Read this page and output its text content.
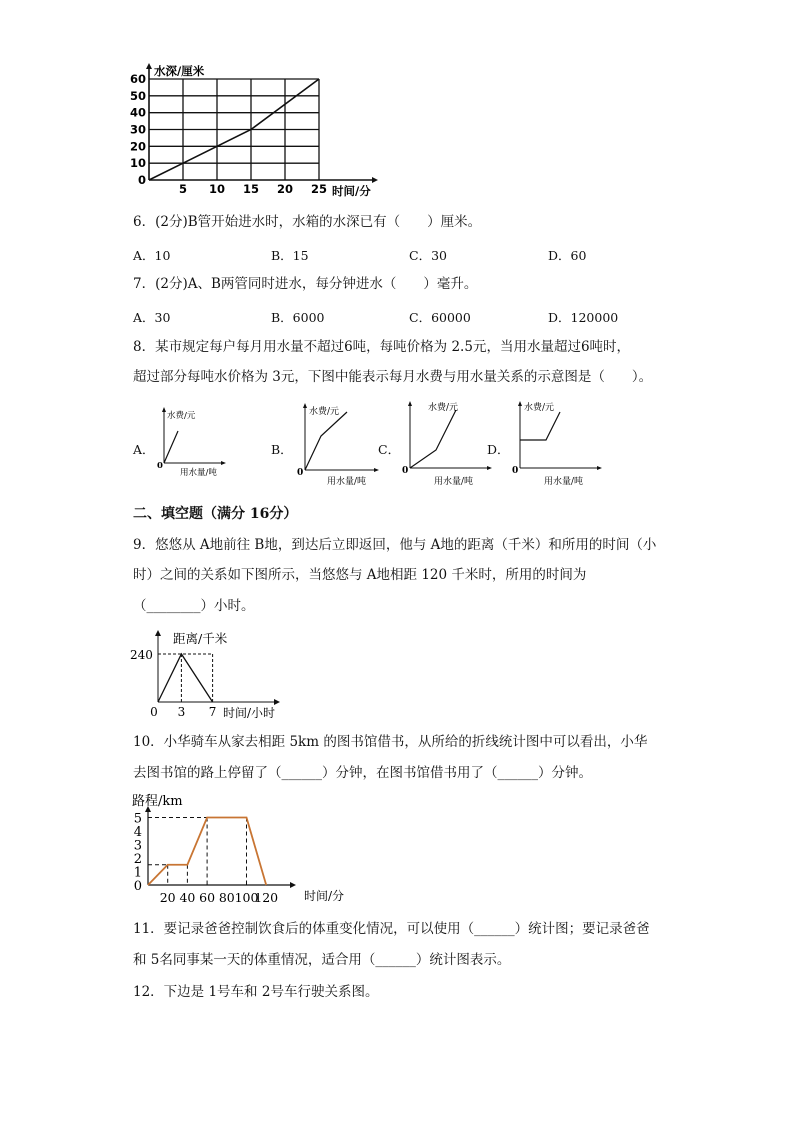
0
10
20
30
40
50
60
5 10 15 20 25
水深/厘米
时间/分
6．(2分)B管开始进水时，水箱的水深已有（　　）厘米。
A．10	B．15	C．30	D．60
7．(2分)A、B两管同时进水，每分钟进水（　　）毫升。
A．30	B．6000	C．60000	D．120000
8．某市规定每户每月用水量不超过6吨，每吨价格为 2.5元，当用水量超过6吨时，
超过部分每吨水价格为 3元，下图中能表示每月水费与用水量关系的示意图是（　　）。
A．	B．	C．	D．
水费/元
用水量/吨
0
水费/元
用水量/吨
0
水费/元
用水量/吨
0
水费/元
用水量/吨
0
二、填空题（满分 16分）
9．悠悠从 A地前往 B地，到达后立即返回，他与 A地的距离（千米）和所用的时间（小
时）之间的关系如下图所示，当悠悠与 A地相距 120 千米时，所用的时间为
（________）小时。
0 3 7
距离/千米
时间/小时
240
10．小华骑车从家去相距 5km 的图书馆借书，从所给的折线统计图中可以看出，小华
去图书馆的路上停留了（______）分钟，在图书馆借书用了（______）分钟。
0
1
2
3
4
5
20 40 60 80 100
120
路程/km
时间/分
11．要记录爸爸控制饮食后的体重变化情况，可以使用（______）统计图；要记录爸爸
和 5名同事某一天的体重情况，适合用（______）统计图表示。
12．下边是 1号车和 2号车行驶关系图。
